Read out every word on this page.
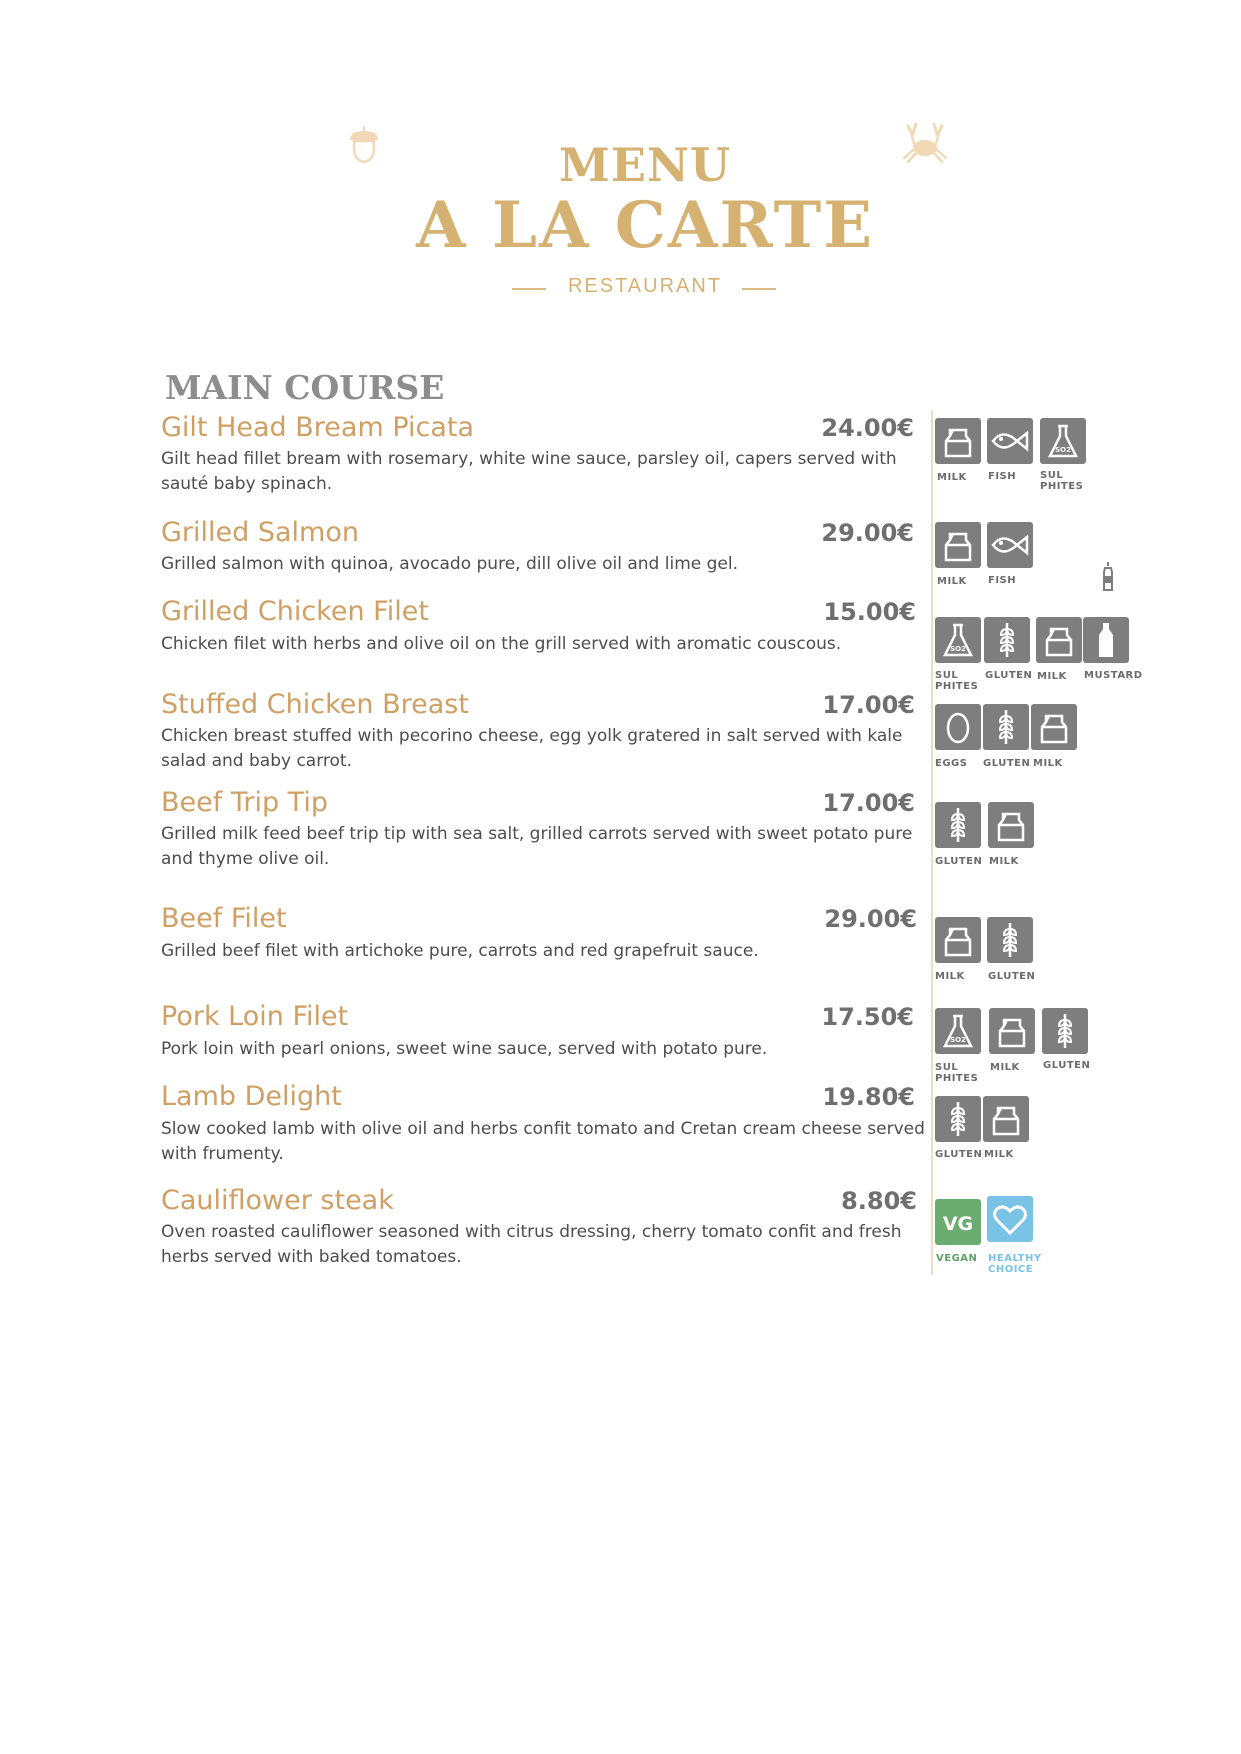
MENU
A LA CARTE
RESTAURANT
MAIN COURSE
Gilt Head Bream Picata	24.00€
Gilt head fillet bream with rosemary, white wine sauce, parsley oil, capers served with sauté baby spinach.
Grilled Salmon	29.00€
Grilled salmon with quinoa, avocado pure, dill olive oil and lime gel.
Grilled Chicken Filet	15.00€
Chicken filet with herbs and olive oil on the grill served with aromatic couscous.
Stuffed Chicken Breast	17.00€
Chicken breast stuffed with pecorino cheese, egg yolk gratered in salt served with kale salad and baby carrot.
Beef Trip Tip	17.00€
Grilled milk feed beef trip tip with sea salt, grilled carrots served with sweet potato pure and thyme olive oil.
Beef Filet	29.00€
Grilled beef filet with artichoke pure, carrots and red grapefruit sauce.
Pork Loin Filet	17.50€
Pork loin with pearl onions, sweet wine sauce, served with potato pure.
Lamb Delight	19.80€
Slow cooked lamb with olive oil and herbs confit tomato and Cretan cream cheese served with frumenty.
Cauliflower steak	8.80€
Oven roasted cauliflower seasoned with citrus dressing, cherry tomato confit and fresh herbs served with baked tomatoes.
SO2
MILK FISH SUL
PHITES
MILK FISH
SO2
SUL
PHITES
GLUTEN MILK MUSTARD
EGGS GLUTEN MILK
GLUTEN MILK
MILK GLUTEN
SO2
SUL
PHITES
MILK GLUTEN
GLUTEN MILK
VG
VEGAN HEALTHY
CHOICE
